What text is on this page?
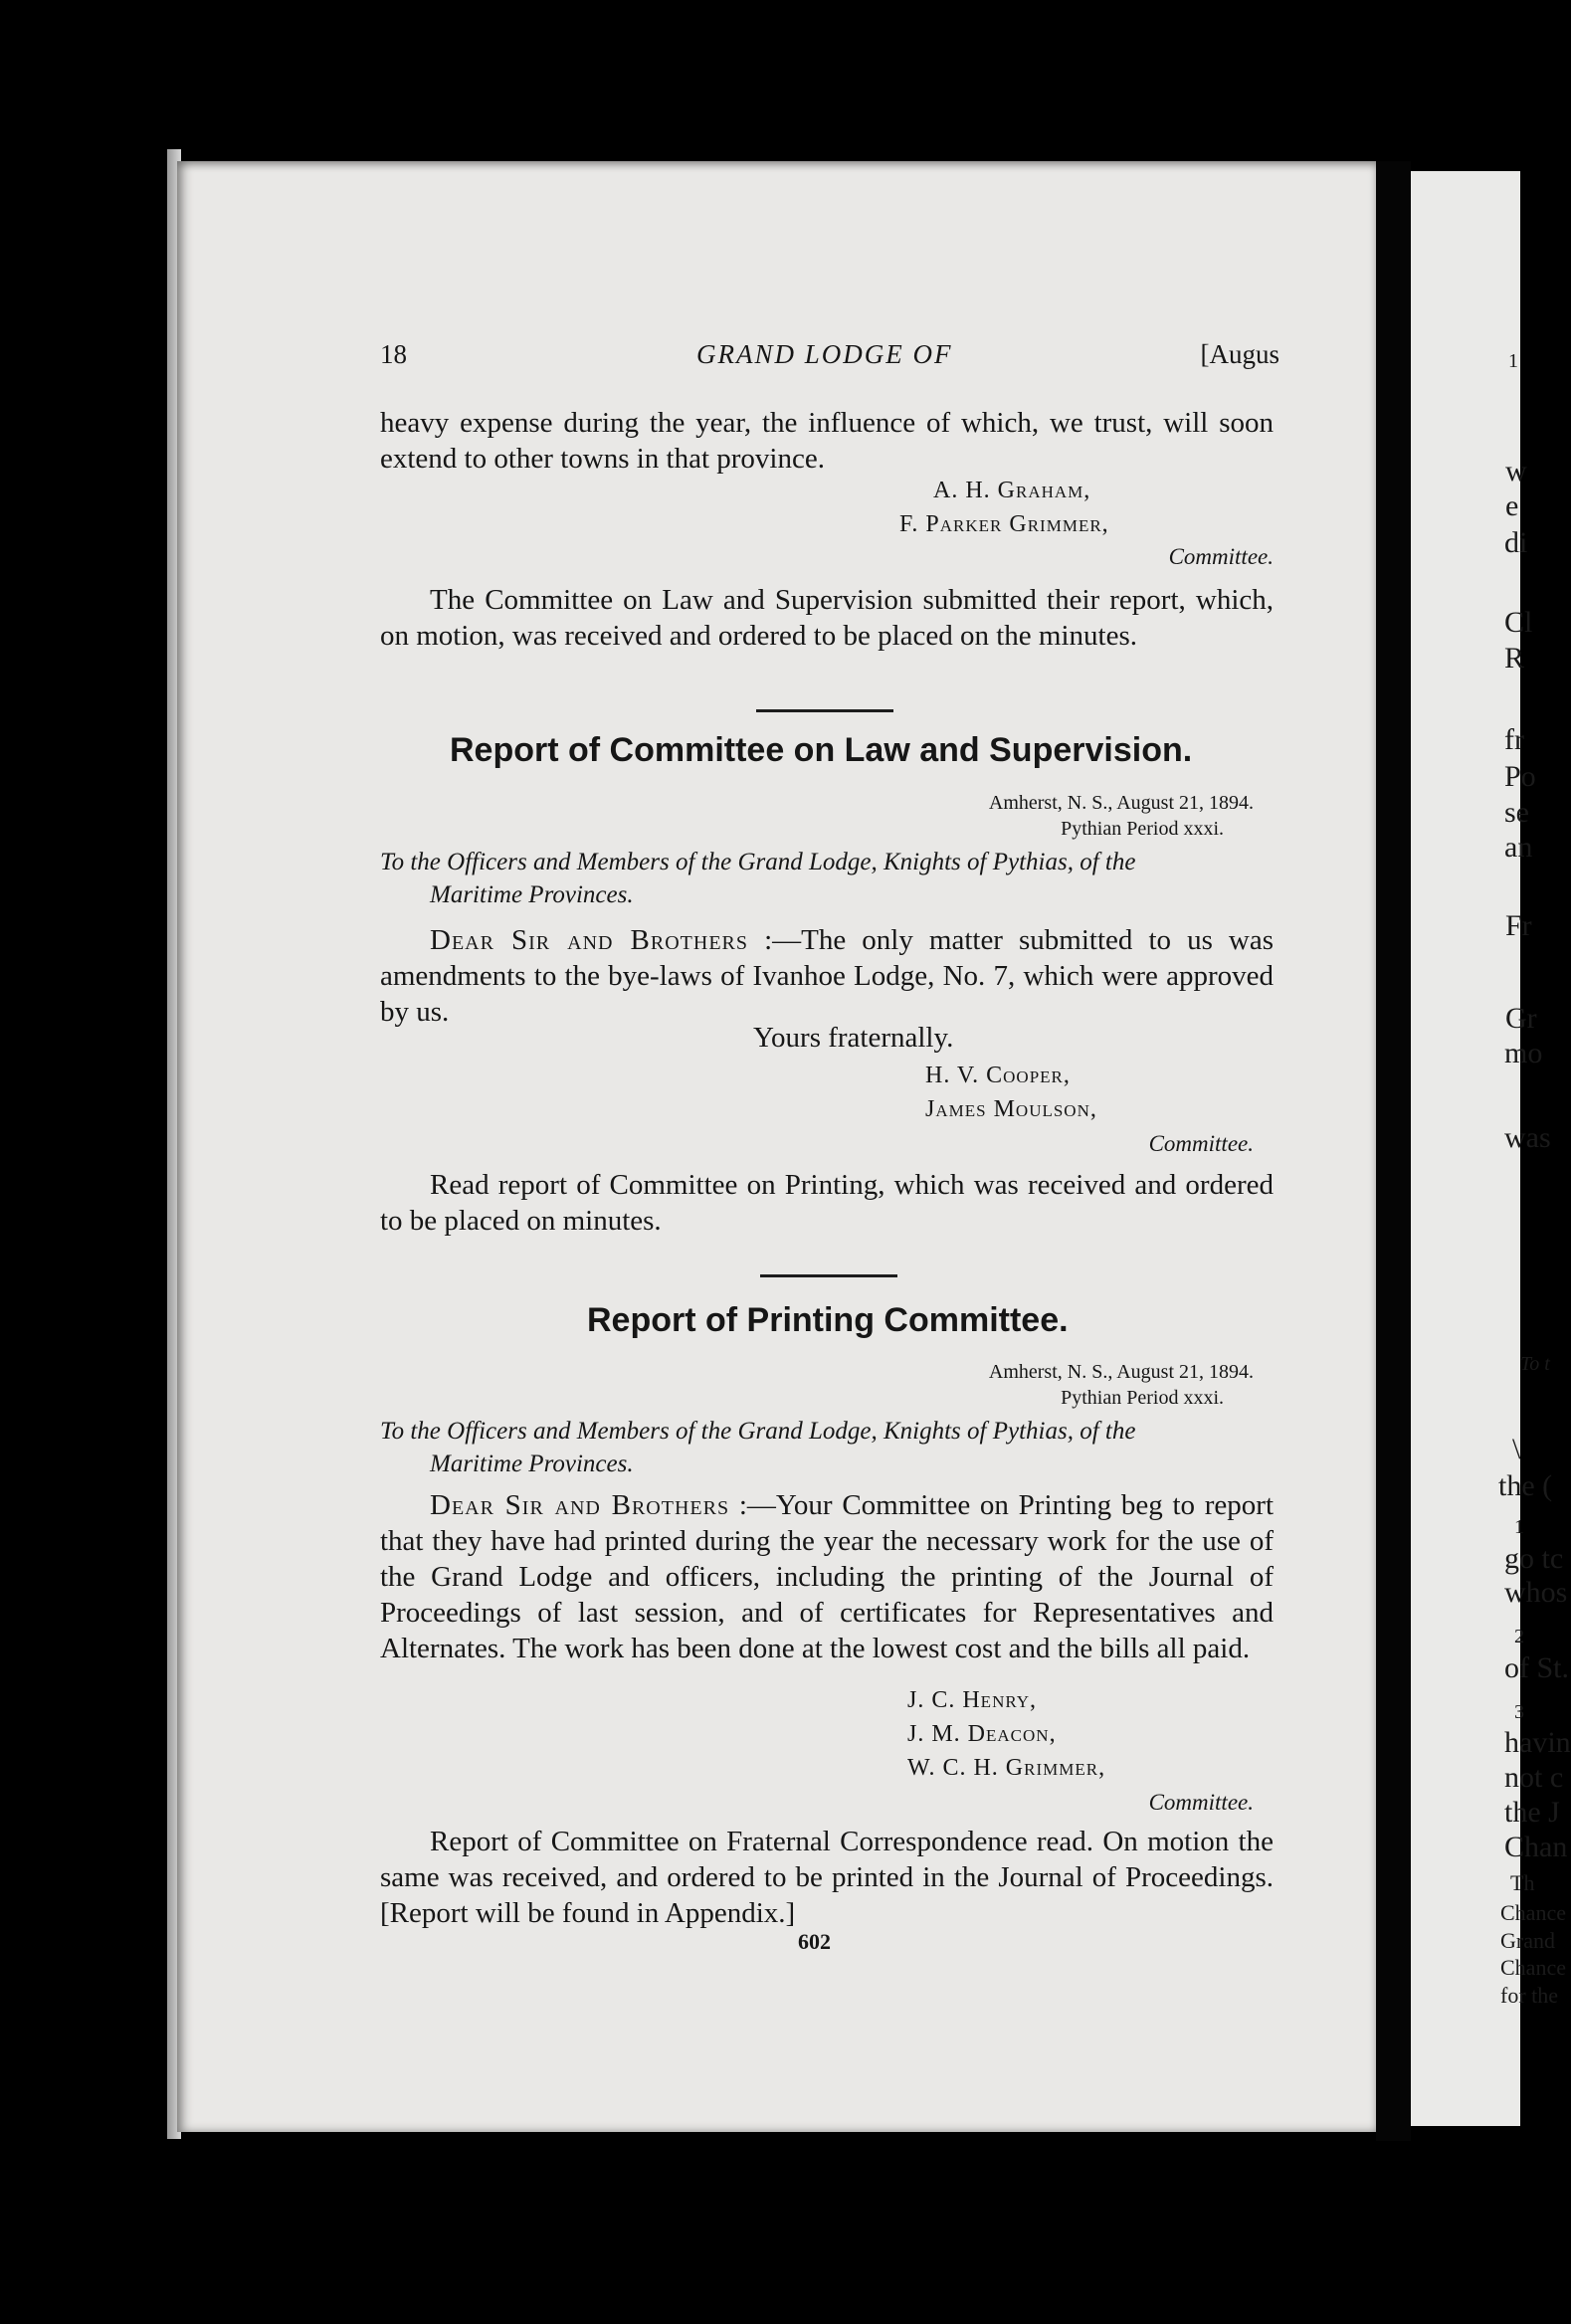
1
w
e
di
Cl
R
fr
Po
se
an
Fr
Gr
mo
was
To t
\
the (
1
go tc
whos
2
of St.
3
havin
not c
the J
Chan
Th
Chance
Grand
Chance
for the
18	GRAND LODGE OF	[Augus
heavy expense during the year, the influence of which, we trust, will soon extend to other towns in that province.
A. H. Graham,
F. Parker Grimmer,
Committee.
The Committee on Law and Supervision submitted their report, which, on motion, was received and ordered to be placed on the minutes.
Report of Committee on Law and Supervision.
Amherst, N. S., August 21, 1894.
Pythian Period xxxi.
To the Officers and Members of the Grand Lodge, Knights of Pythias, of the
Maritime Provinces.
Dear Sir and Brothers :—The only matter submitted to us was amendments to the bye-laws of Ivanhoe Lodge, No. 7, which were approved by us.
Yours fraternally.
H. V. Cooper,
James Moulson,
Committee.
Read report of Committee on Printing, which was received and ordered to be placed on minutes.
Report of Printing Committee.
Amherst, N. S., August 21, 1894.
Pythian Period xxxi.
To the Officers and Members of the Grand Lodge, Knights of Pythias, of the
Maritime Provinces.
Dear Sir and Brothers :—Your Committee on Printing beg to report that they have had printed during the year the necessary work for the use of the Grand Lodge and officers, including the printing of the Journal of Proceedings of last session, and of certificates for Representatives and Alternates. The work has been done at the lowest cost and the bills all paid.
J. C. Henry,
J. M. Deacon,
W. C. H. Grimmer,
Committee.
Report of Committee on Fraternal Correspondence read. On motion the same was received, and ordered to be printed in the Journal of Proceedings. [Report will be found in Appendix.]
602
